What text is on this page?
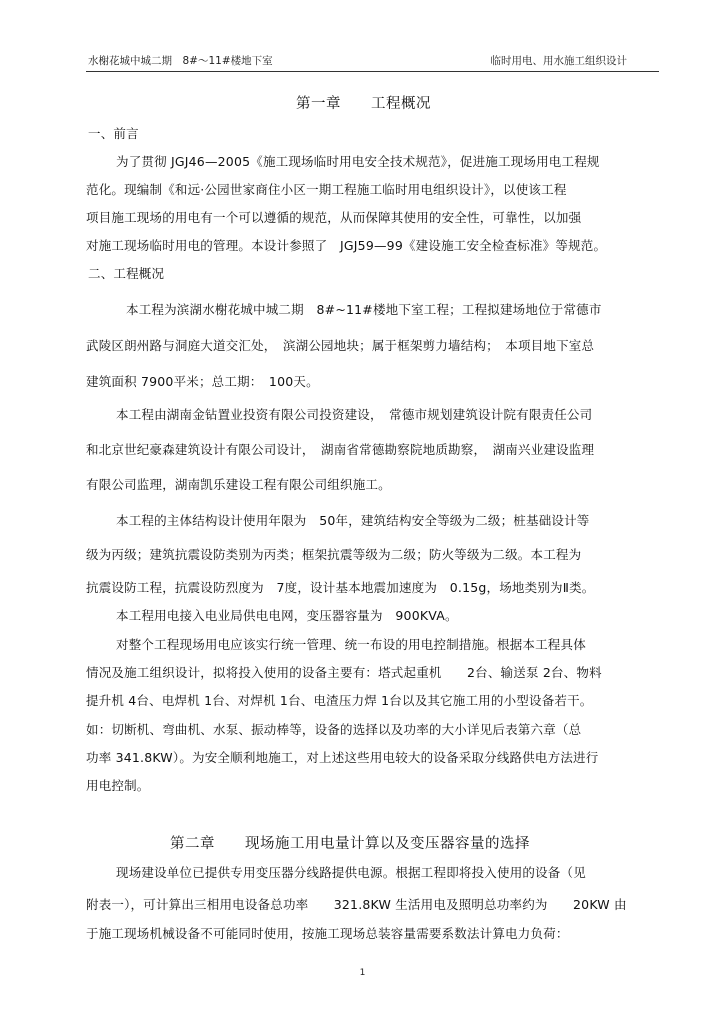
水榭花城中城二期　8#～11#楼地下室	临时用电、用水施工组织设计
第一章　　工程概况
一、前言
为了贯彻 JGJ46—2005《施工现场临时用电安全技术规范》，促进施工现场用电工程规
范化。现编制《和远·公园世家商住小区一期工程施工临时用电组织设计》，以使该工程
项目施工现场的用电有一个可以遵循的规范，从而保障其使用的安全性，可靠性，以加强
对施工现场临时用电的管理。本设计参照了　JGJ59—99《建设施工安全检查标准》等规范。
二、工程概况
本工程为滨湖水榭花城中城二期　8#~11#楼地下室工程；工程拟建场地位于常德市
武陵区朗州路与洞庭大道交汇处，　滨湖公园地块；属于框架剪力墙结构；　本项目地下室总
建筑面积 7900平米；总工期：　100天。
本工程由湖南金钻置业投资有限公司投资建设，　常德市规划建筑设计院有限责任公司
和北京世纪豪森建筑设计有限公司设计，　湖南省常德勘察院地质勘察，　湖南兴业建设监理
有限公司监理，湖南凯乐建设工程有限公司组织施工。
本工程的主体结构设计使用年限为　50年，建筑结构安全等级为二级；桩基础设计等
级为丙级；建筑抗震设防类别为丙类；框架抗震等级为二级；防火等级为二级。本工程为
抗震设防工程，抗震设防烈度为　7度，设计基本地震加速度为　0.15g，场地类别为Ⅱ类。
本工程用电接入电业局供电电网，变压器容量为　900KVA。
对整个工程现场用电应该实行统一管理、统一布设的用电控制措施。根据本工程具体
情况及施工组织设计，拟将投入使用的设备主要有：塔式起重机　　2台、输送泵 2台、物料
提升机 4台、电焊机 1台、对焊机 1台、电渣压力焊 1台以及其它施工用的小型设备若干。
如：切断机、弯曲机、水泵、振动棒等，设备的选择以及功率的大小详见后表第六章（总
功率 341.8KW）。为安全顺利地施工，对上述这些用电较大的设备采取分线路供电方法进行
用电控制。
第二章　　现场施工用电量计算以及变压器容量的选择
现场建设单位已提供专用变压器分线路提供电源。根据工程即将投入使用的设备（见
附表一），可计算出三相用电设备总功率　　321.8KW 生活用电及照明总功率约为　　20KW 由
于施工现场机械设备不可能同时使用，按施工现场总装容量需要系数法计算电力负荷：
1
